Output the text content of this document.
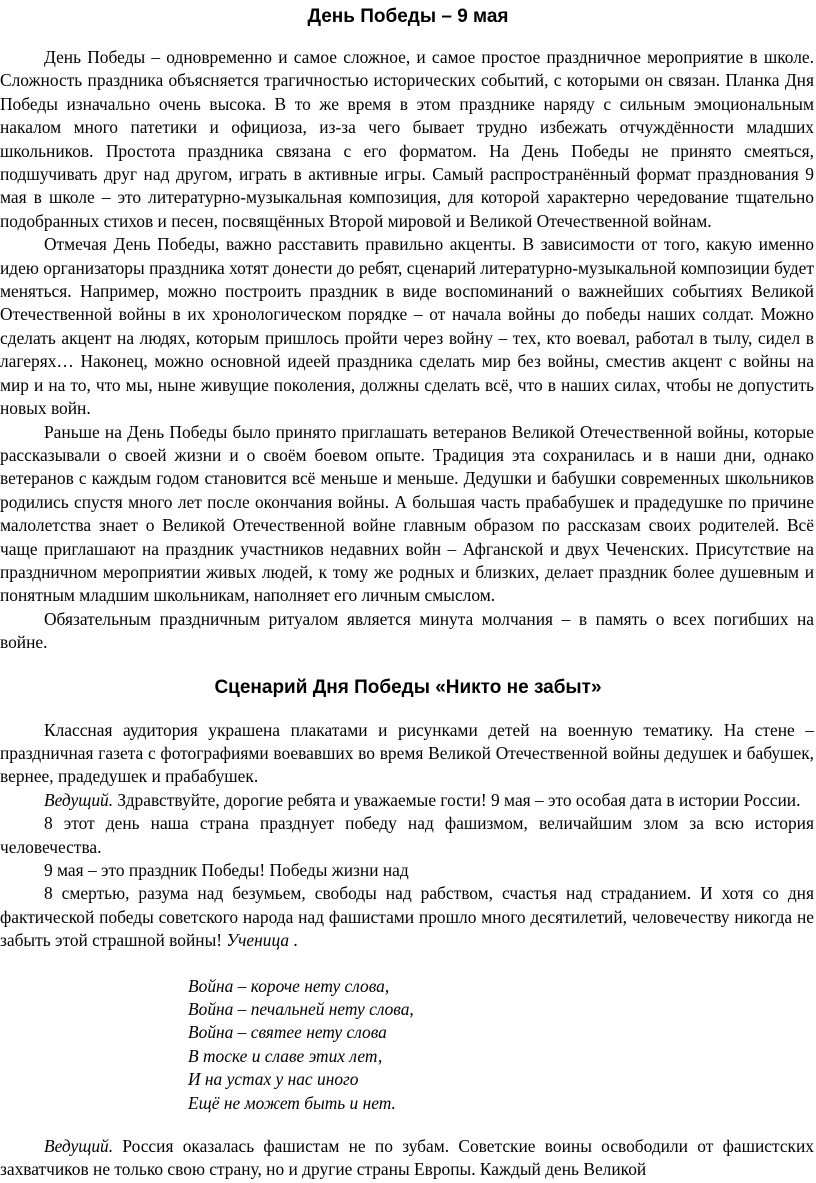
День Победы – 9 мая

День Победы – одновременно и самое сложное, и самое простое праздничное мероприятие в школе. Сложность праздника объясняется трагичностью исторических событий, с которыми он связан. Планка Дня Победы изначально очень высока. В то же время в этом празднике наряду с сильным эмоциональным накалом много патетики и официоза, из-за чего бывает трудно избежать отчуждённости младших школьников. Простота праздника связана с его форматом. На День Победы не принято смеяться, подшучивать друг над другом, играть в активные игры. Самый распространённый формат празднования 9 мая в школе – это литературно-музыкальная композиция, для которой характерно чередование тщательно подобранных стихов и песен, посвящённых Второй мировой и Великой Отечественной войнам.

Отмечая День Победы, важно расставить правильно акценты. В зависимости от того, какую именно идею организаторы праздника хотят донести до ребят, сценарий литературно-музыкальной композиции будет меняться. Например, можно построить праздник в виде воспоминаний о важнейших событиях Великой Отечественной войны в их хронологическом порядке – от начала войны до победы наших солдат. Можно сделать акцент на людях, которым пришлось пройти через войну – тех, кто воевал, работал в тылу, сидел в лагерях… Наконец, можно основной идеей праздника сделать мир без войны, сместив акцент с войны на мир и на то, что мы, ныне живущие поколения, должны сделать всё, что в наших силах, чтобы не допустить новых войн.

Раньше на День Победы было принято приглашать ветеранов Великой Отечественной войны, которые рассказывали о своей жизни и о своём боевом опыте. Традиция эта сохранилась и в наши дни, однако ветеранов с каждым годом становится всё меньше и меньше. Дедушки и бабушки современных школьников родились спустя много лет после окончания войны. А большая часть прабабушек и прадедушке по причине малолетства знает о Великой Отечественной войне главным образом по рассказам своих родителей. Всё чаще приглашают на праздник участников недавних войн – Афганской и двух Чеченских. Присутствие на праздничном мероприятии живых людей, к тому же родных и близких, делает праздник более душевным и понятным младшим школьникам, наполняет его личным смыслом.

Обязательным праздничным ритуалом является минута молчания – в память о всех погибших на войне.

Сценарий Дня Победы «Никто не забыт»

Классная аудитория украшена плакатами и рисунками детей на военную тематику. На стене – праздничная газета с фотографиями воевавших во время Великой Отечественной войны дедушек и бабушек, вернее, прадедушек и прабабушек.

Ведущий. Здравствуйте, дорогие ребята и уважаемые гости! 9 мая – это особая дата в истории России.

8 этот день наша страна празднует победу над фашизмом, величайшим злом за всю история человечества.

9 мая – это праздник Победы! Победы жизни над

8 смертью, разума над безумьем, свободы над рабством, счастья над страданием. И хотя со дня фактической победы советского народа над фашистами прошло много десятилетий, человечеству никогда не забыть этой страшной войны! Ученица .

Война – короче нету слова,
Война – печальней нету слова,
Война – святее нету слова
В тоске и славе этих лет,
И на устах у нас иного
Ещё не может быть и нет.

Ведущий. Россия оказалась фашистам не по зубам. Советские воины освободили от фашистских захватчиков не только свою страну, но и другие страны Европы. Каждый день Великой
